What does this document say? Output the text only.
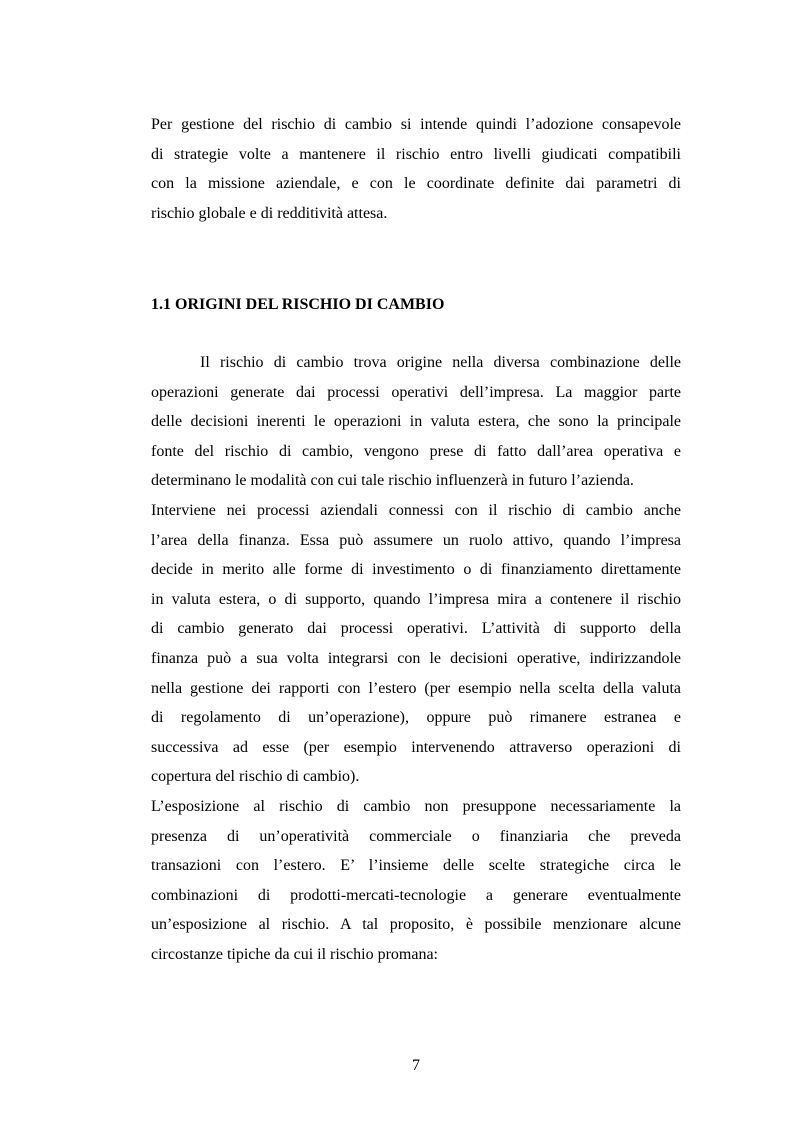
Per gestione del rischio di cambio si intende quindi l’adozione consapevole
di strategie volte a mantenere il rischio entro livelli giudicati compatibili
con la missione aziendale, e con le coordinate definite dai parametri di
rischio globale e di redditività attesa.
1.1 ORIGINI DEL RISCHIO DI CAMBIO
Il rischio di cambio trova origine nella diversa combinazione delle
operazioni generate dai processi operativi dell’impresa. La maggior parte
delle decisioni inerenti le operazioni in valuta estera, che sono la principale
fonte del rischio di cambio, vengono prese di fatto dall’area operativa e
determinano le modalità con cui tale rischio influenzerà in futuro l’azienda.
Interviene nei processi aziendali connessi con il rischio di cambio anche
l’area della finanza. Essa può assumere un ruolo attivo, quando l’impresa
decide in merito alle forme di investimento o di finanziamento direttamente
in valuta estera, o di supporto, quando l’impresa mira a contenere il rischio
di cambio generato dai processi operativi. L’attività di supporto della
finanza può a sua volta integrarsi con le decisioni operative, indirizzandole
nella gestione dei rapporti con l’estero (per esempio nella scelta della valuta
di regolamento di un’operazione), oppure può rimanere estranea e
successiva ad esse (per esempio intervenendo attraverso operazioni di
copertura del rischio di cambio).
L’esposizione al rischio di cambio non presuppone necessariamente la
presenza di un’operatività commerciale o finanziaria che preveda
transazioni con l’estero. E’ l’insieme delle scelte strategiche circa le
combinazioni di prodotti-mercati-tecnologie a generare eventualmente
un’esposizione al rischio. A tal proposito, è possibile menzionare alcune
circostanze tipiche da cui il rischio promana:
7
